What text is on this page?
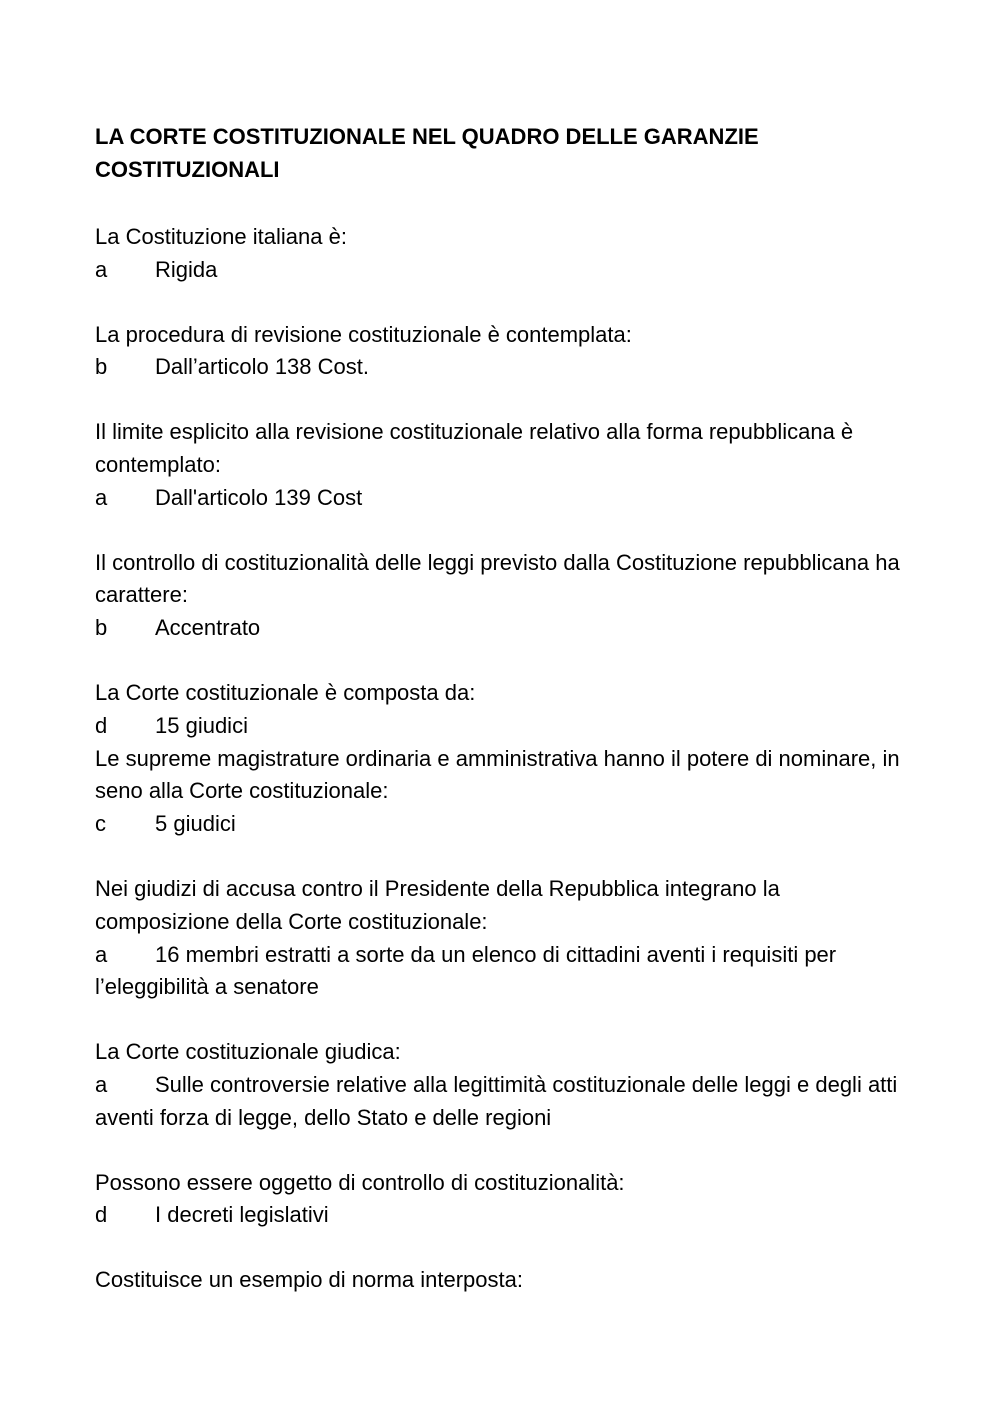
LA CORTE COSTITUZIONALE NEL QUADRO DELLE GARANZIE COSTITUZIONALI
La Costituzione italiana è:
a Rigida
La procedura di revisione costituzionale è contemplata:
b Dall’articolo 138 Cost.
Il limite esplicito alla revisione costituzionale relativo alla forma repubblicana è contemplato:
a Dall'articolo 139 Cost
Il controllo di costituzionalità delle leggi previsto dalla Costituzione repubblicana ha carattere:
b Accentrato
La Corte costituzionale è composta da:
d 15 giudici
Le supreme magistrature ordinaria e amministrativa hanno il potere di nominare, in seno alla Corte costituzionale:
c 5 giudici
Nei giudizi di accusa contro il Presidente della Repubblica integrano la composizione della Corte costituzionale:
a 16 membri estratti a sorte da un elenco di cittadini aventi i requisiti per l’eleggibilità a senatore
La Corte costituzionale giudica:
a Sulle controversie relative alla legittimità costituzionale delle leggi e degli atti aventi forza di legge, dello Stato e delle regioni
Possono essere oggetto di controllo di costituzionalità:
d I decreti legislativi
Costituisce un esempio di norma interposta:
